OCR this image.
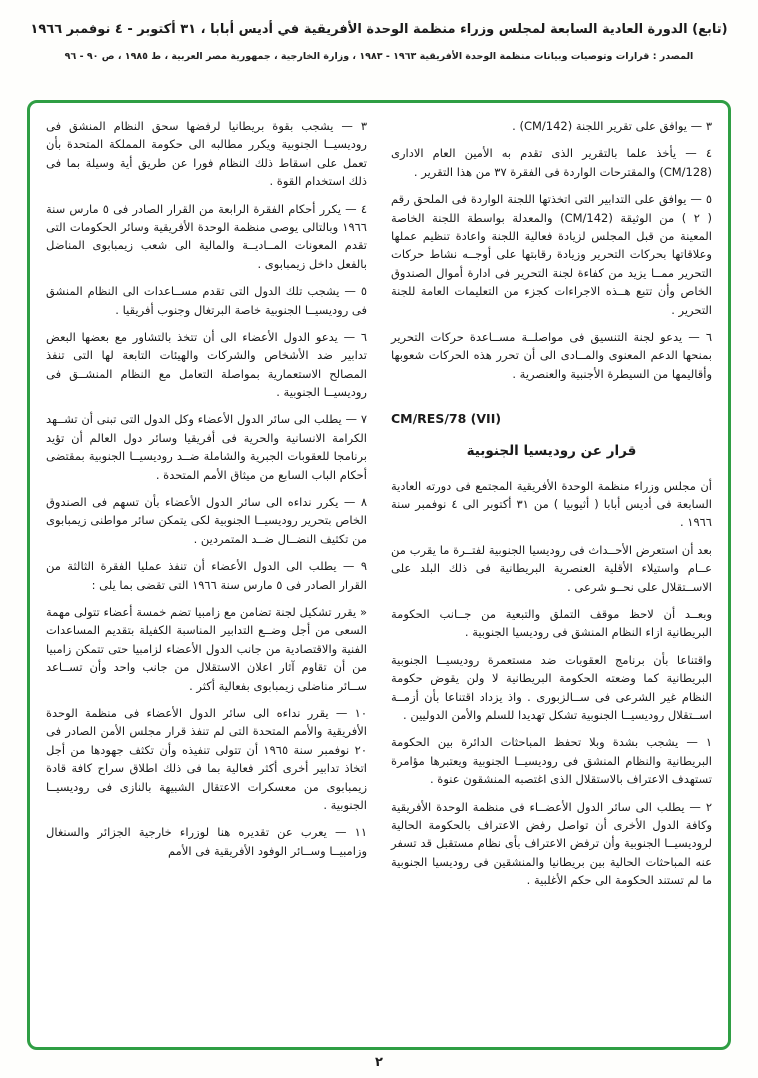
(تابع) الدورة العادية السابعة لمجلس وزراء منظمة الوحدة الأفريقية في أديس أبابا ، ٣١ أكتوبر - ٤ نوفمبر ١٩٦٦
المصدر : قرارات وتوصيات وبيانات منظمة الوحدة الأفريقية ١٩٦٣ - ١٩٨٣ ، وزارة الخارجية ، جمهورية مصر العربية ، ط ١٩٨٥ ، ص ٩٠ - ٩٦

٣ — يوافق على تقرير اللجنة (CM/142) .

٤ — يأخذ علما بالتقرير الذى تقدم به الأمين العام الادارى (CM/128) والمقترحات الواردة فى الفقرة ٣٧ من هذا التقرير .

٥ — يوافق على التدابير التى اتخذتها اللجنة الواردة فى الملحق رقم ( ٢ ) من الوثيقة (CM/142) والمعدلة بواسطة اللجنة الخاصة المعينة من قبل المجلس لزيادة فعالية اللجنة واعادة تنظيم عملها وعلاقاتها بحركات التحرير وزيادة رقابتها على أوجــه نشاط حركات التحرير ممــا يزيد من كفاءة لجنة التحرير فى ادارة أموال الصندوق الخاص وأن تتبع هــذه الاجراءات كجزء من التعليمات العامة للجنة التحرير .

٦ — يدعو لجنة التنسيق فى مواصلــة مســاعدة حركات التحرير بمنحها الدعم المعنوى والمــادى الى أن تحرر هذه الحركات شعوبها وأقاليمها من السيطرة الأجنبية والعنصرية .

CM/RES/78 (VII)

قرار عن روديسيا الجنوبية

أن مجلس وزراء منظمة الوحدة الأفريقية المجتمع فى دورته العادية السابعة فى أديس أبابا ( أثيوبيا ) من ٣١ أكتوبر الى ٤ نوفمبر سنة ١٩٦٦ .

بعد أن استعرض الأحــداث فى روديسيا الجنوبية لفتــرة ما يقرب من عــام واستيلاء الأقلية العنصرية البريطانية فى ذلك البلد على الاســتقلال على نحــو شرعى .

وبعــد أن لاحظ موقف التملق والتبعية من جــانب الحكومة البريطانية ازاء النظام المنشق فى روديسيا الجنوبية .

واقتناعا بأن برنامج العقوبات ضد مستعمرة روديسيــا الجنوبية البريطانية كما وضعته الحكومة البريطانية لا ولن يقوض حكومة النظام غير الشرعى فى ســالزبورى . واذ يزداد اقتناعا بأن أزمــة اســتقلال روديسيــا الجنوبية تشكل تهديدا للسلم والأمن الدوليين .

١ — يشجب بشدة وبلا تحفظ المباحثات الدائرة بين الحكومة البريطانية والنظام المنشق فى روديسيــا الجنوبية ويعتبرها مؤامرة تستهدف الاعتراف بالاستقلال الذى اغتصبه المنشقون عنوة .

٢ — يطلب الى سائر الدول الأعضــاء فى منظمة الوحدة الأفريقية وكافة الدول الأخرى أن تواصل رفض الاعتراف بالحكومة الحالية لروديسيــا الجنوبية وأن ترفض الاعتراف بأى نظام مستقبل قد تسفر عنه المباحثات الحالية بين بريطانيا والمنشقين فى روديسيا الجنوبية ما لم تستند الحكومة الى حكم الأغلبية .

٣ — يشجب بقوة بريطانيا لرفضها سحق النظام المنشق فى روديسيــا الجنوبية ويكرر مطالبه الى حكومة المملكة المتحدة بأن تعمل على اسقاط ذلك النظام فورا عن طريق أية وسيلة بما فى ذلك استخدام القوة .

٤ — يكرر أحكام الفقرة الرابعة من القرار الصادر فى ٥ مارس سنة ١٩٦٦ وبالتالى يوصى منظمة الوحدة الأفريقية وسائر الحكومات التى تقدم المعونات المــاديــة والمالية الى شعب زيمبابوى المناضل بالفعل داخل زيمبابوى .

٥ — يشجب تلك الدول التى تقدم مســاعدات الى النظام المنشق فى روديسيــا الجنوبية خاصة البرتغال وجنوب أفريقيا .

٦ — يدعو الدول الأعضاء الى أن تتخذ بالتشاور مع بعضها البعض تدابير ضد الأشخاص والشركات والهيئات التابعة لها التى تنفذ المصالح الاستعمارية بمواصلة التعامل مع النظام المنشــق فى روديسيــا الجنوبية .

٧ — يطلب الى سائر الدول الأعضاء وكل الدول التى تبنى أن تشــهد الكرامة الانسانية والحرية فى أفريقيا وسائر دول العالم أن تؤيد برنامجا للعقوبات الجبرية والشاملة ضــد روديسيــا الجنوبية بمقتضى أحكام الباب السابع من ميثاق الأمم المتحدة .

٨ — يكرر نداءه الى سائر الدول الأعضاء بأن تسهم فى الصندوق الخاص بتحرير روديسيــا الجنوبية لكى يتمكن سائر مواطنى زيمبابوى من تكثيف النضــال ضــد المتمردين .

٩ — يطلب الى الدول الأعضاء أن تنفذ عمليا الفقرة الثالثة من القرار الصادر فى ٥ مارس سنة ١٩٦٦ التى تقضى بما يلى :

« يقرر تشكيل لجنة تضامن مع زامبيا تضم خمسة أعضاء تتولى مهمة السعى من أجل وضــع التدابير المناسبة الكفيلة بتقديم المساعدات الفنية والاقتصادية من جانب الدول الأعضاء لزامبيا حتى تتمكن زامبيا من أن تقاوم آثار اعلان الاستقلال من جانب واحد وأن تســاعد ســائر مناضلى زيمبابوى بفعالية أكثر .

١٠ — يقرر نداءه الى سائر الدول الأعضاء فى منظمة الوحدة الأفريقية والأمم المتحدة التى لم تنفذ قرار مجلس الأمن الصادر فى ٢٠ نوفمبر سنة ١٩٦٥ أن تتولى تنفيذه وأن تكثف جهودها من أجل اتخاذ تدابير أخرى أكثر فعالية بما فى ذلك اطلاق سراح كافة قادة زيمبابوى من معسكرات الاعتقال الشبيهة بالنازى فى روديسيــا الجنوبية .

١١ — يعرب عن تقديره هنا لوزراء خارجية الجزائر والسنغال وزامبيــا وســائر الوفود الأفريقية فى الأمم

٢
